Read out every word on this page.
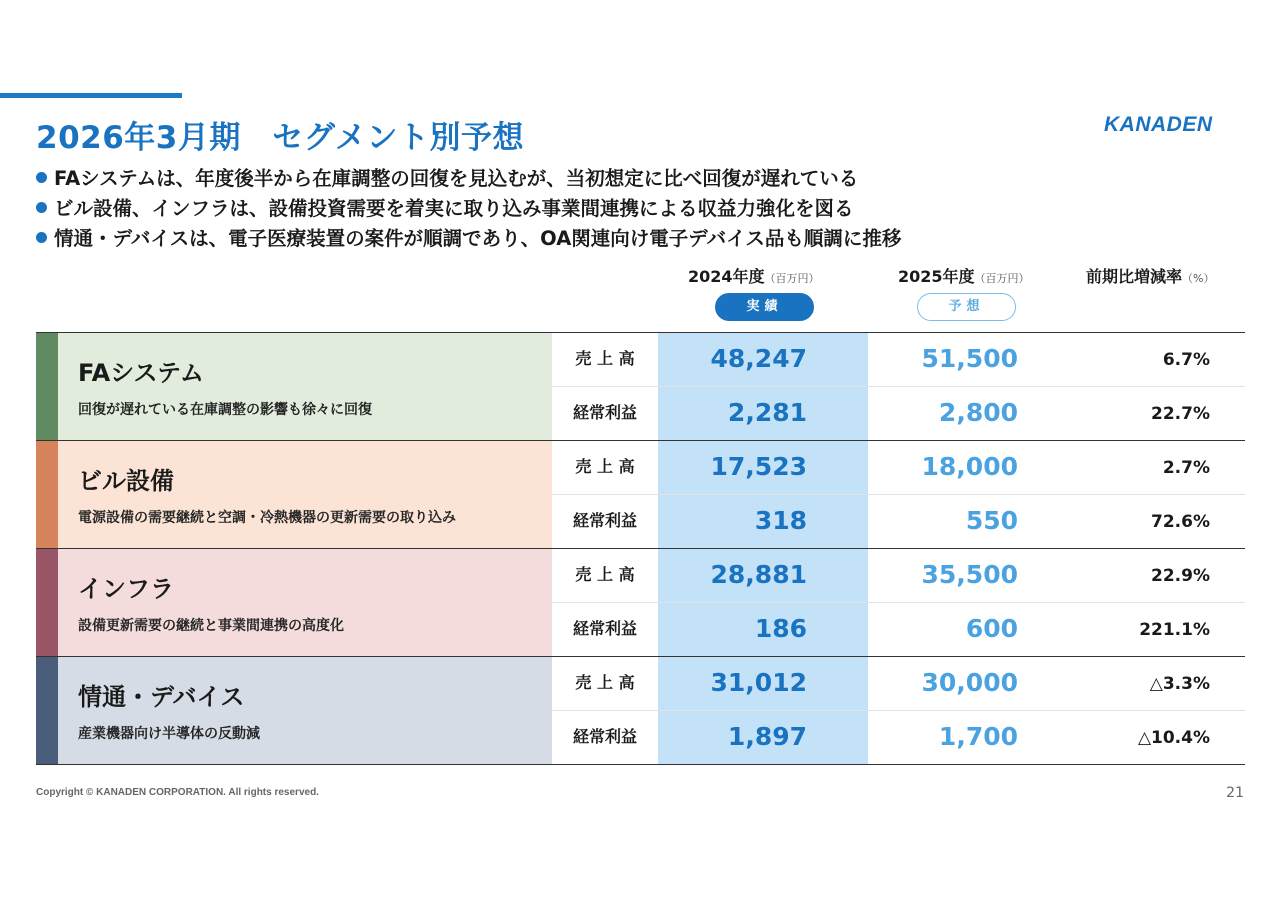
2026年3月期　セグメント別予想	KANADEN
FAシステムは、年度後半から在庫調整の回復を見込むが、当初想定に比べ回復が遅れている
ビル設備、インフラは、設備投資需要を着実に取り込み事業間連携による収益力強化を図る
情通・デバイスは、電子医療装置の案件が順調であり、OA関連向け電子デバイス品も順調に推移
2024年度（百万円）	2025年度（百万円）	前期比増減率（%）
実績	予想
FAシステム
回復が遅れている在庫調整の影響も徐々に回復
売 上 高	48,247	51,500	6.7%
経常利益	2,281	2,800	22.7%
ビル設備
電源設備の需要継続と空調・冷熱機器の更新需要の取り込み
売 上 高	17,523	18,000	2.7%
経常利益	318	550	72.6%
インフラ
設備更新需要の継続と事業間連携の高度化
売 上 高	28,881	35,500	22.9%
経常利益	186	600	221.1%
情通・デバイス
産業機器向け半導体の反動減
売 上 高	31,012	30,000	△3.3%
経常利益	1,897	1,700	△10.4%
Copyright © KANADEN CORPORATION. All rights reserved.	21
